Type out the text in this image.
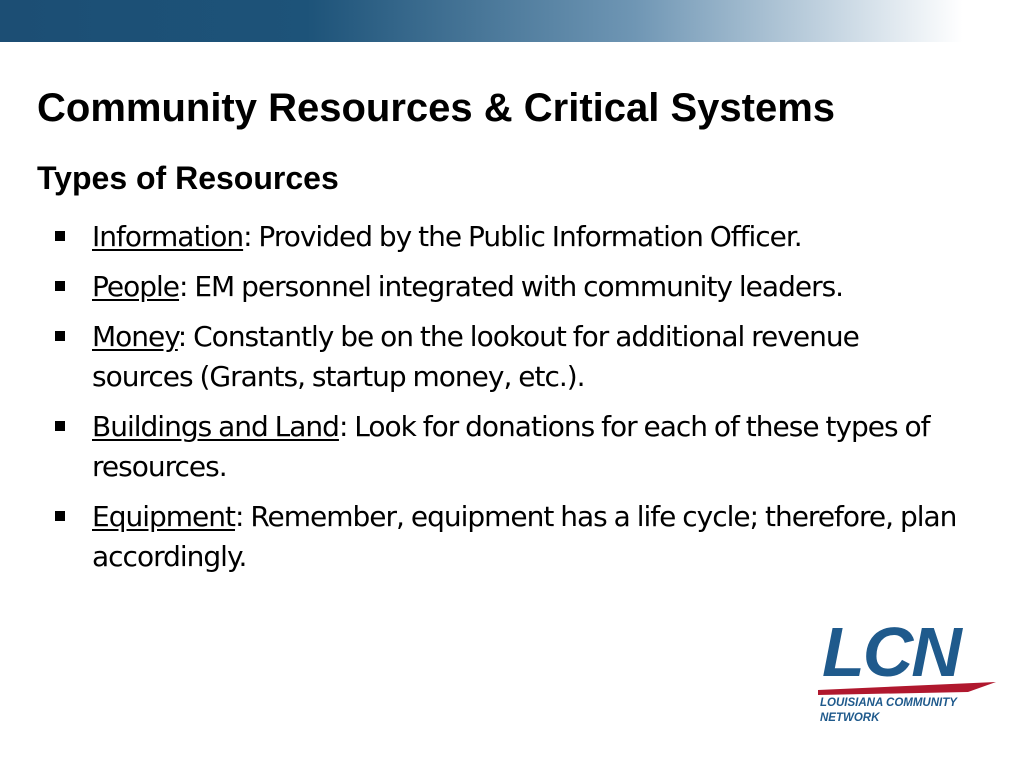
Community Resources & Critical Systems
Types of Resources
Information: Provided by the Public Information Officer.
People: EM personnel integrated with community leaders.
Money: Constantly be on the lookout for additional revenue sources (Grants, startup money, etc.).
Buildings and Land: Look for donations for each of these types of resources.
Equipment: Remember, equipment has a life cycle; therefore, plan accordingly.
LCN
LOUISIANA COMMUNITY
NETWORK
